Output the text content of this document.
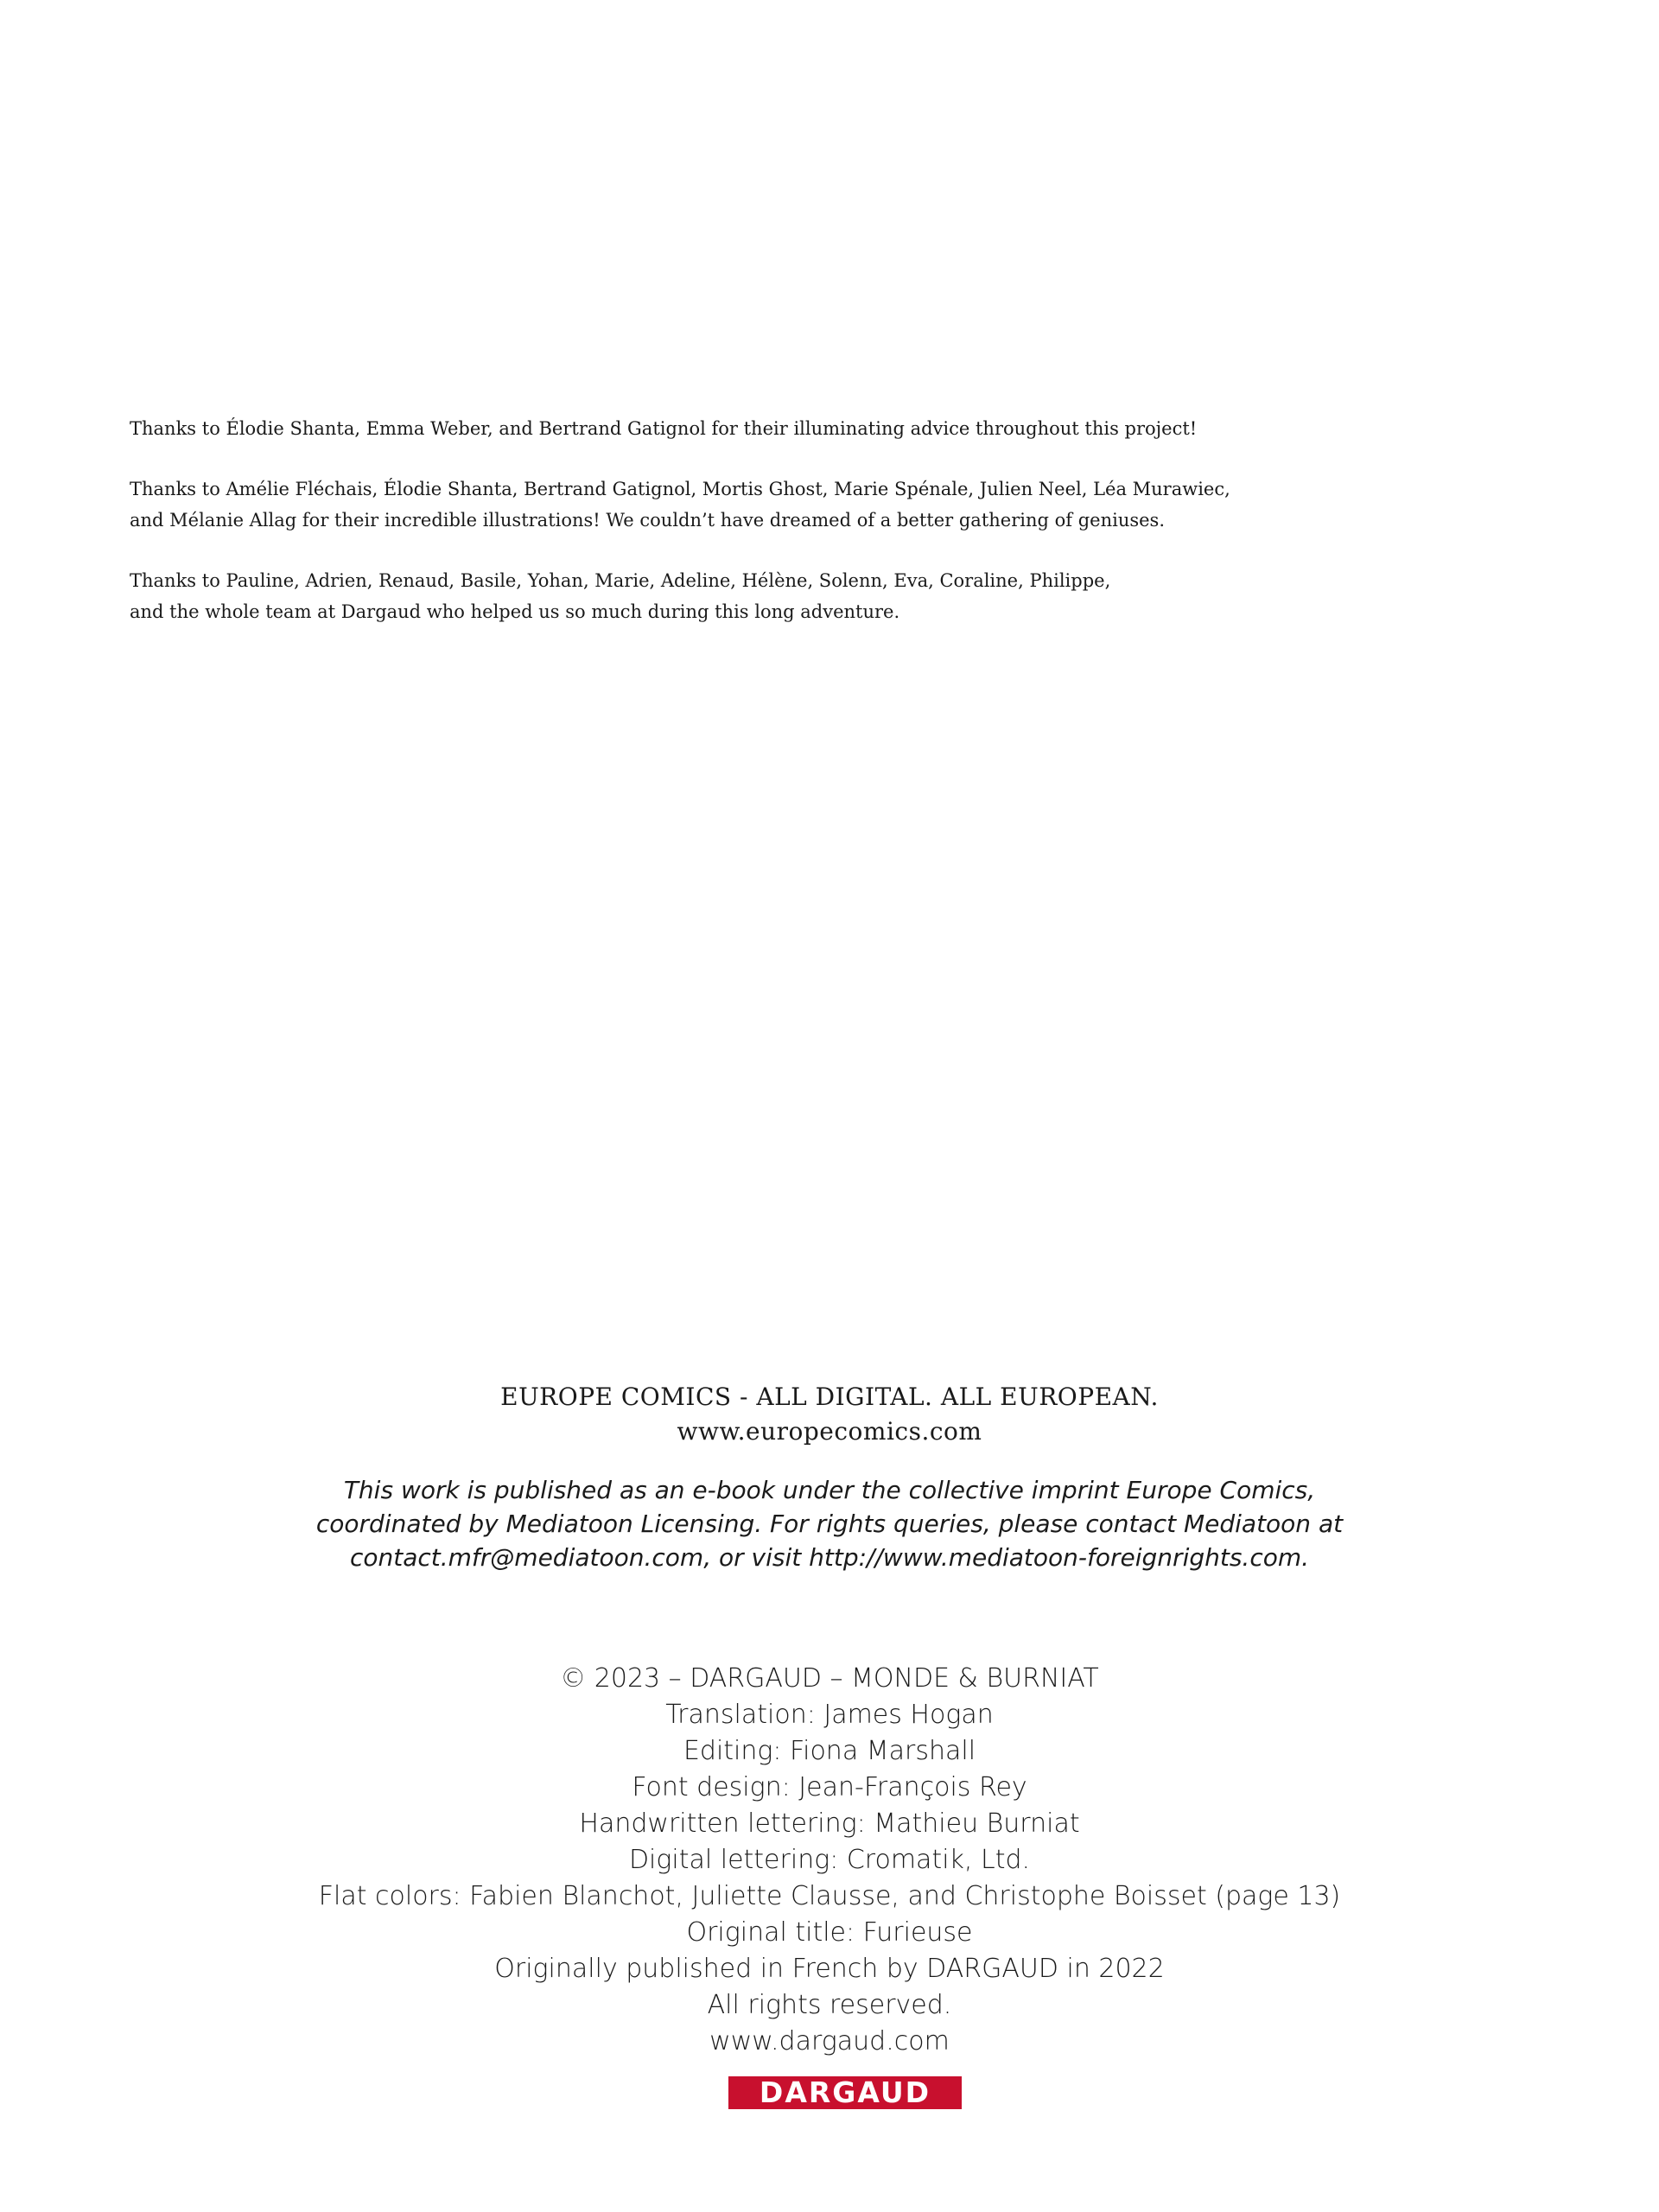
Thanks to Élodie Shanta, Emma Weber, and Bertrand Gatignol for their illuminating advice throughout this project!

Thanks to Amélie Fléchais, Élodie Shanta, Bertrand Gatignol, Mortis Ghost, Marie Spénale, Julien Neel, Léa Murawiec,
and Mélanie Allag for their incredible illustrations! We couldn’t have dreamed of a better gathering of geniuses.

Thanks to Pauline, Adrien, Renaud, Basile, Yohan, Marie, Adeline, Hélène, Solenn, Eva, Coraline, Philippe,
and the whole team at Dargaud who helped us so much during this long adventure.

EUROPE COMICS - ALL DIGITAL. ALL EUROPEAN.
www.europecomics.com
This work is published as an e-book under the collective imprint Europe Comics,
coordinated by Mediatoon Licensing. For rights queries, please contact Mediatoon at
contact.mfr@mediatoon.com, or visit http://www.mediatoon-foreignrights.com.
© 2023 – DARGAUD – MONDE & BURNIAT
Translation: James Hogan
Editing: Fiona Marshall
Font design: Jean-François Rey
Handwritten lettering: Mathieu Burniat
Digital lettering: Cromatik, Ltd.
Flat colors: Fabien Blanchot, Juliette Clausse, and Christophe Boisset (page 13)
Original title: Furieuse
Originally published in French by DARGAUD in 2022
All rights reserved.
www.dargaud.com
DARGAUD
